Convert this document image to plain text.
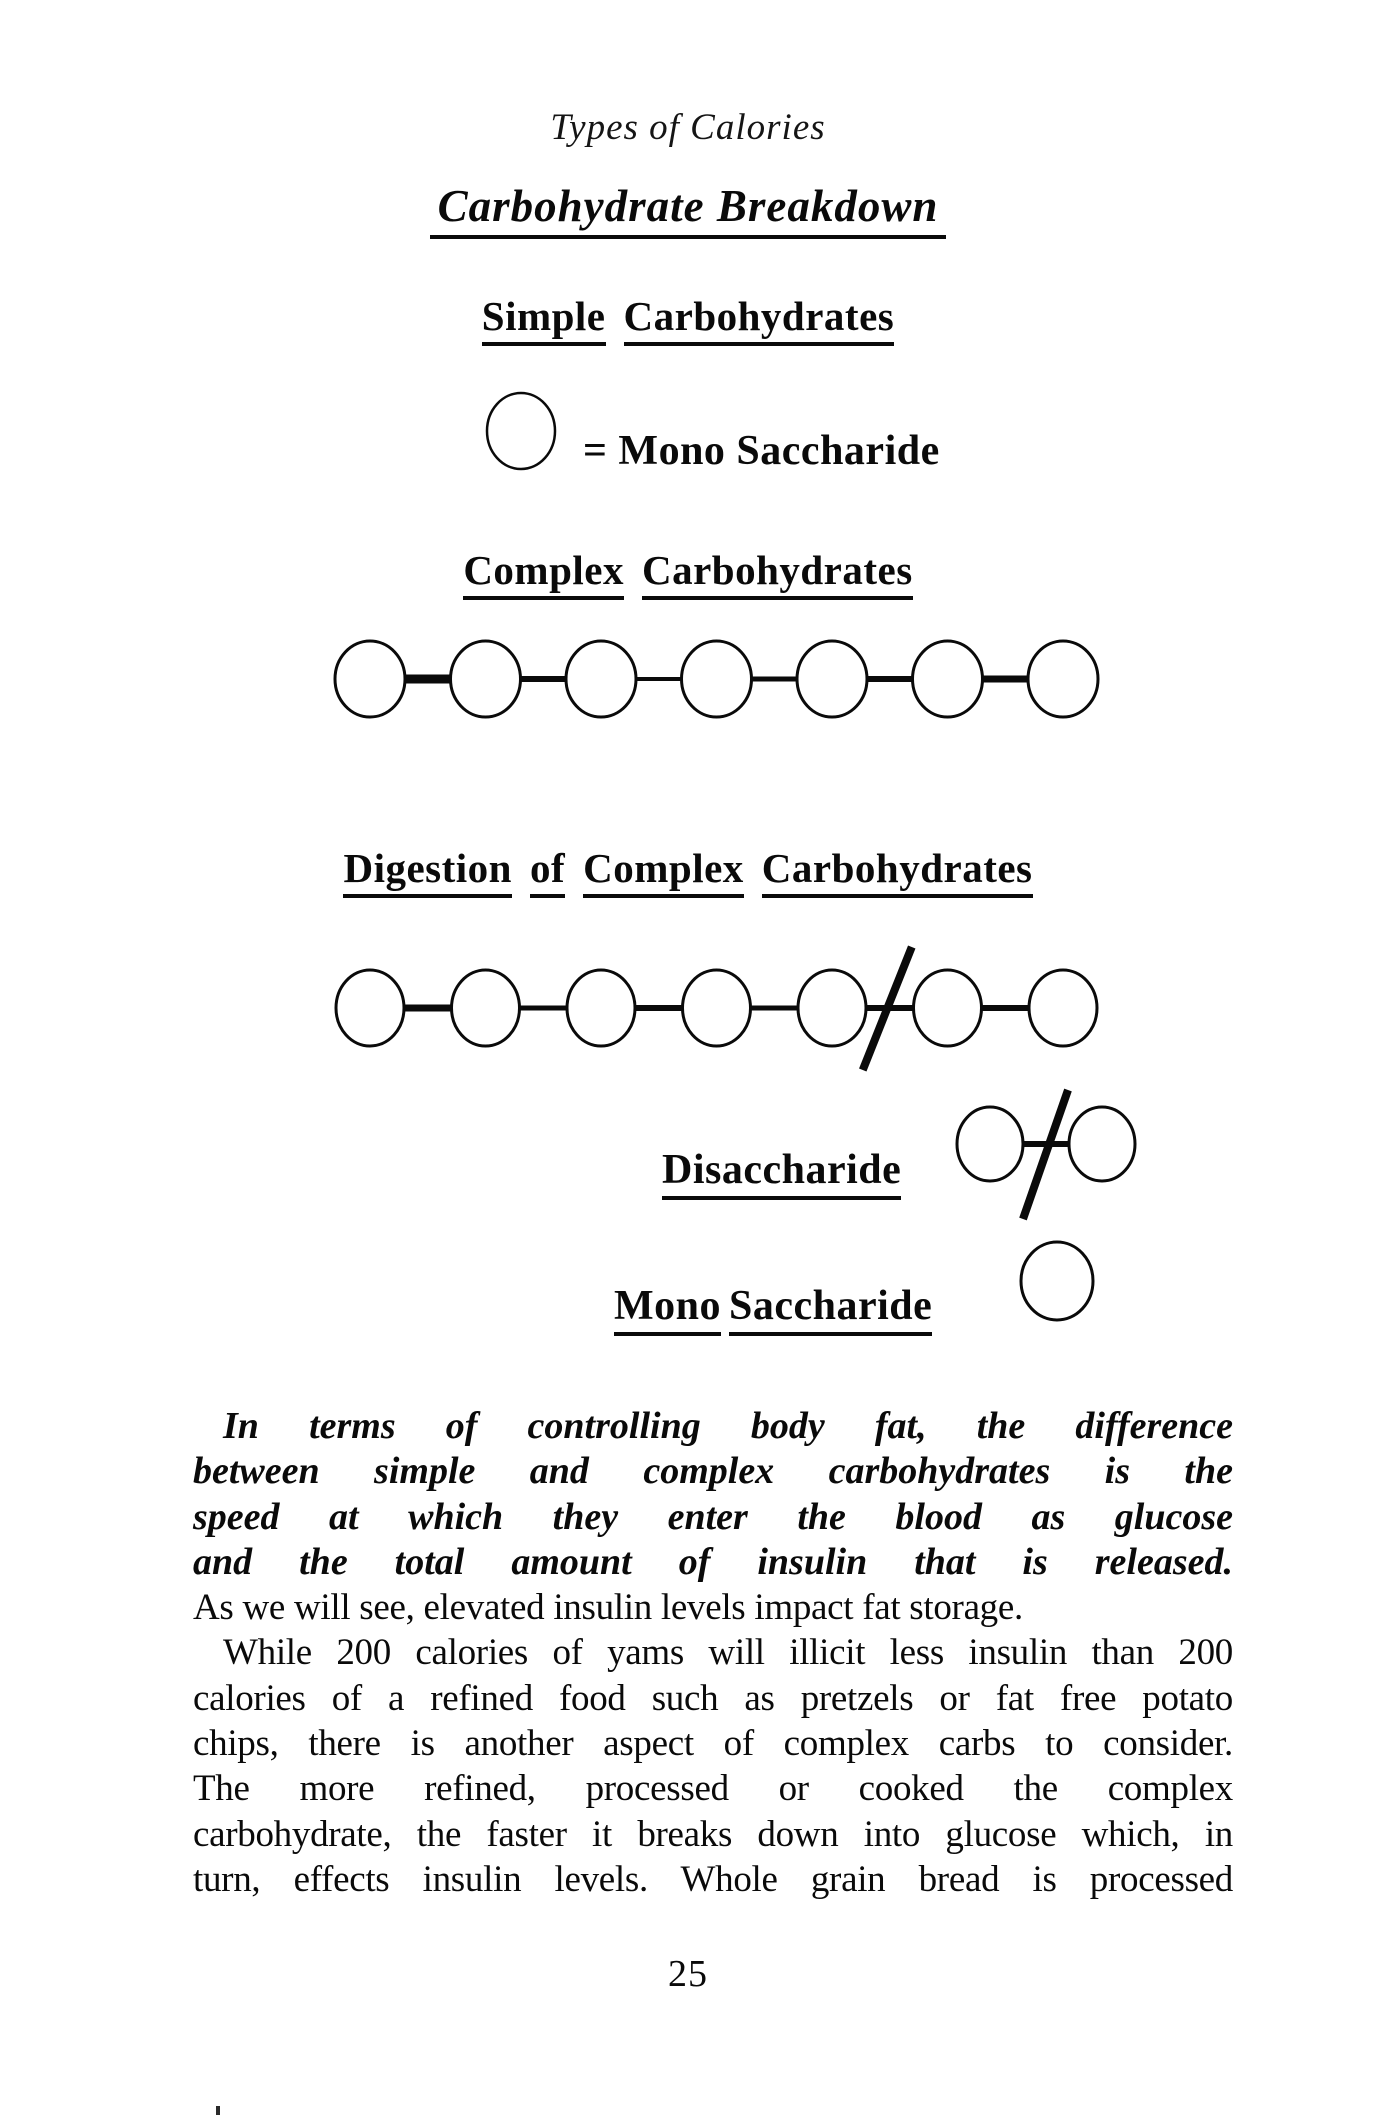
Types of Calories
Carbohydrate Breakdown
Simple Carbohydrates
= Mono Saccharide
Complex Carbohydrates
Digestion of Complex Carbohydrates
Disaccharide
Mono Saccharide
In terms of controlling body fat, the difference
between simple and complex carbohydrates is the
speed at which they enter the blood as glucose
and the total amount of insulin that is released.
As we will see, elevated insulin levels impact fat storage.
While 200 calories of yams will illicit less insulin than 200
calories of a refined food such as pretzels or fat free potato
chips, there is another aspect of complex carbs to consider.
The more refined, processed or cooked the complex
carbohydrate, the faster it breaks down into glucose which, in
turn, effects insulin levels. Whole grain bread is processed
25
